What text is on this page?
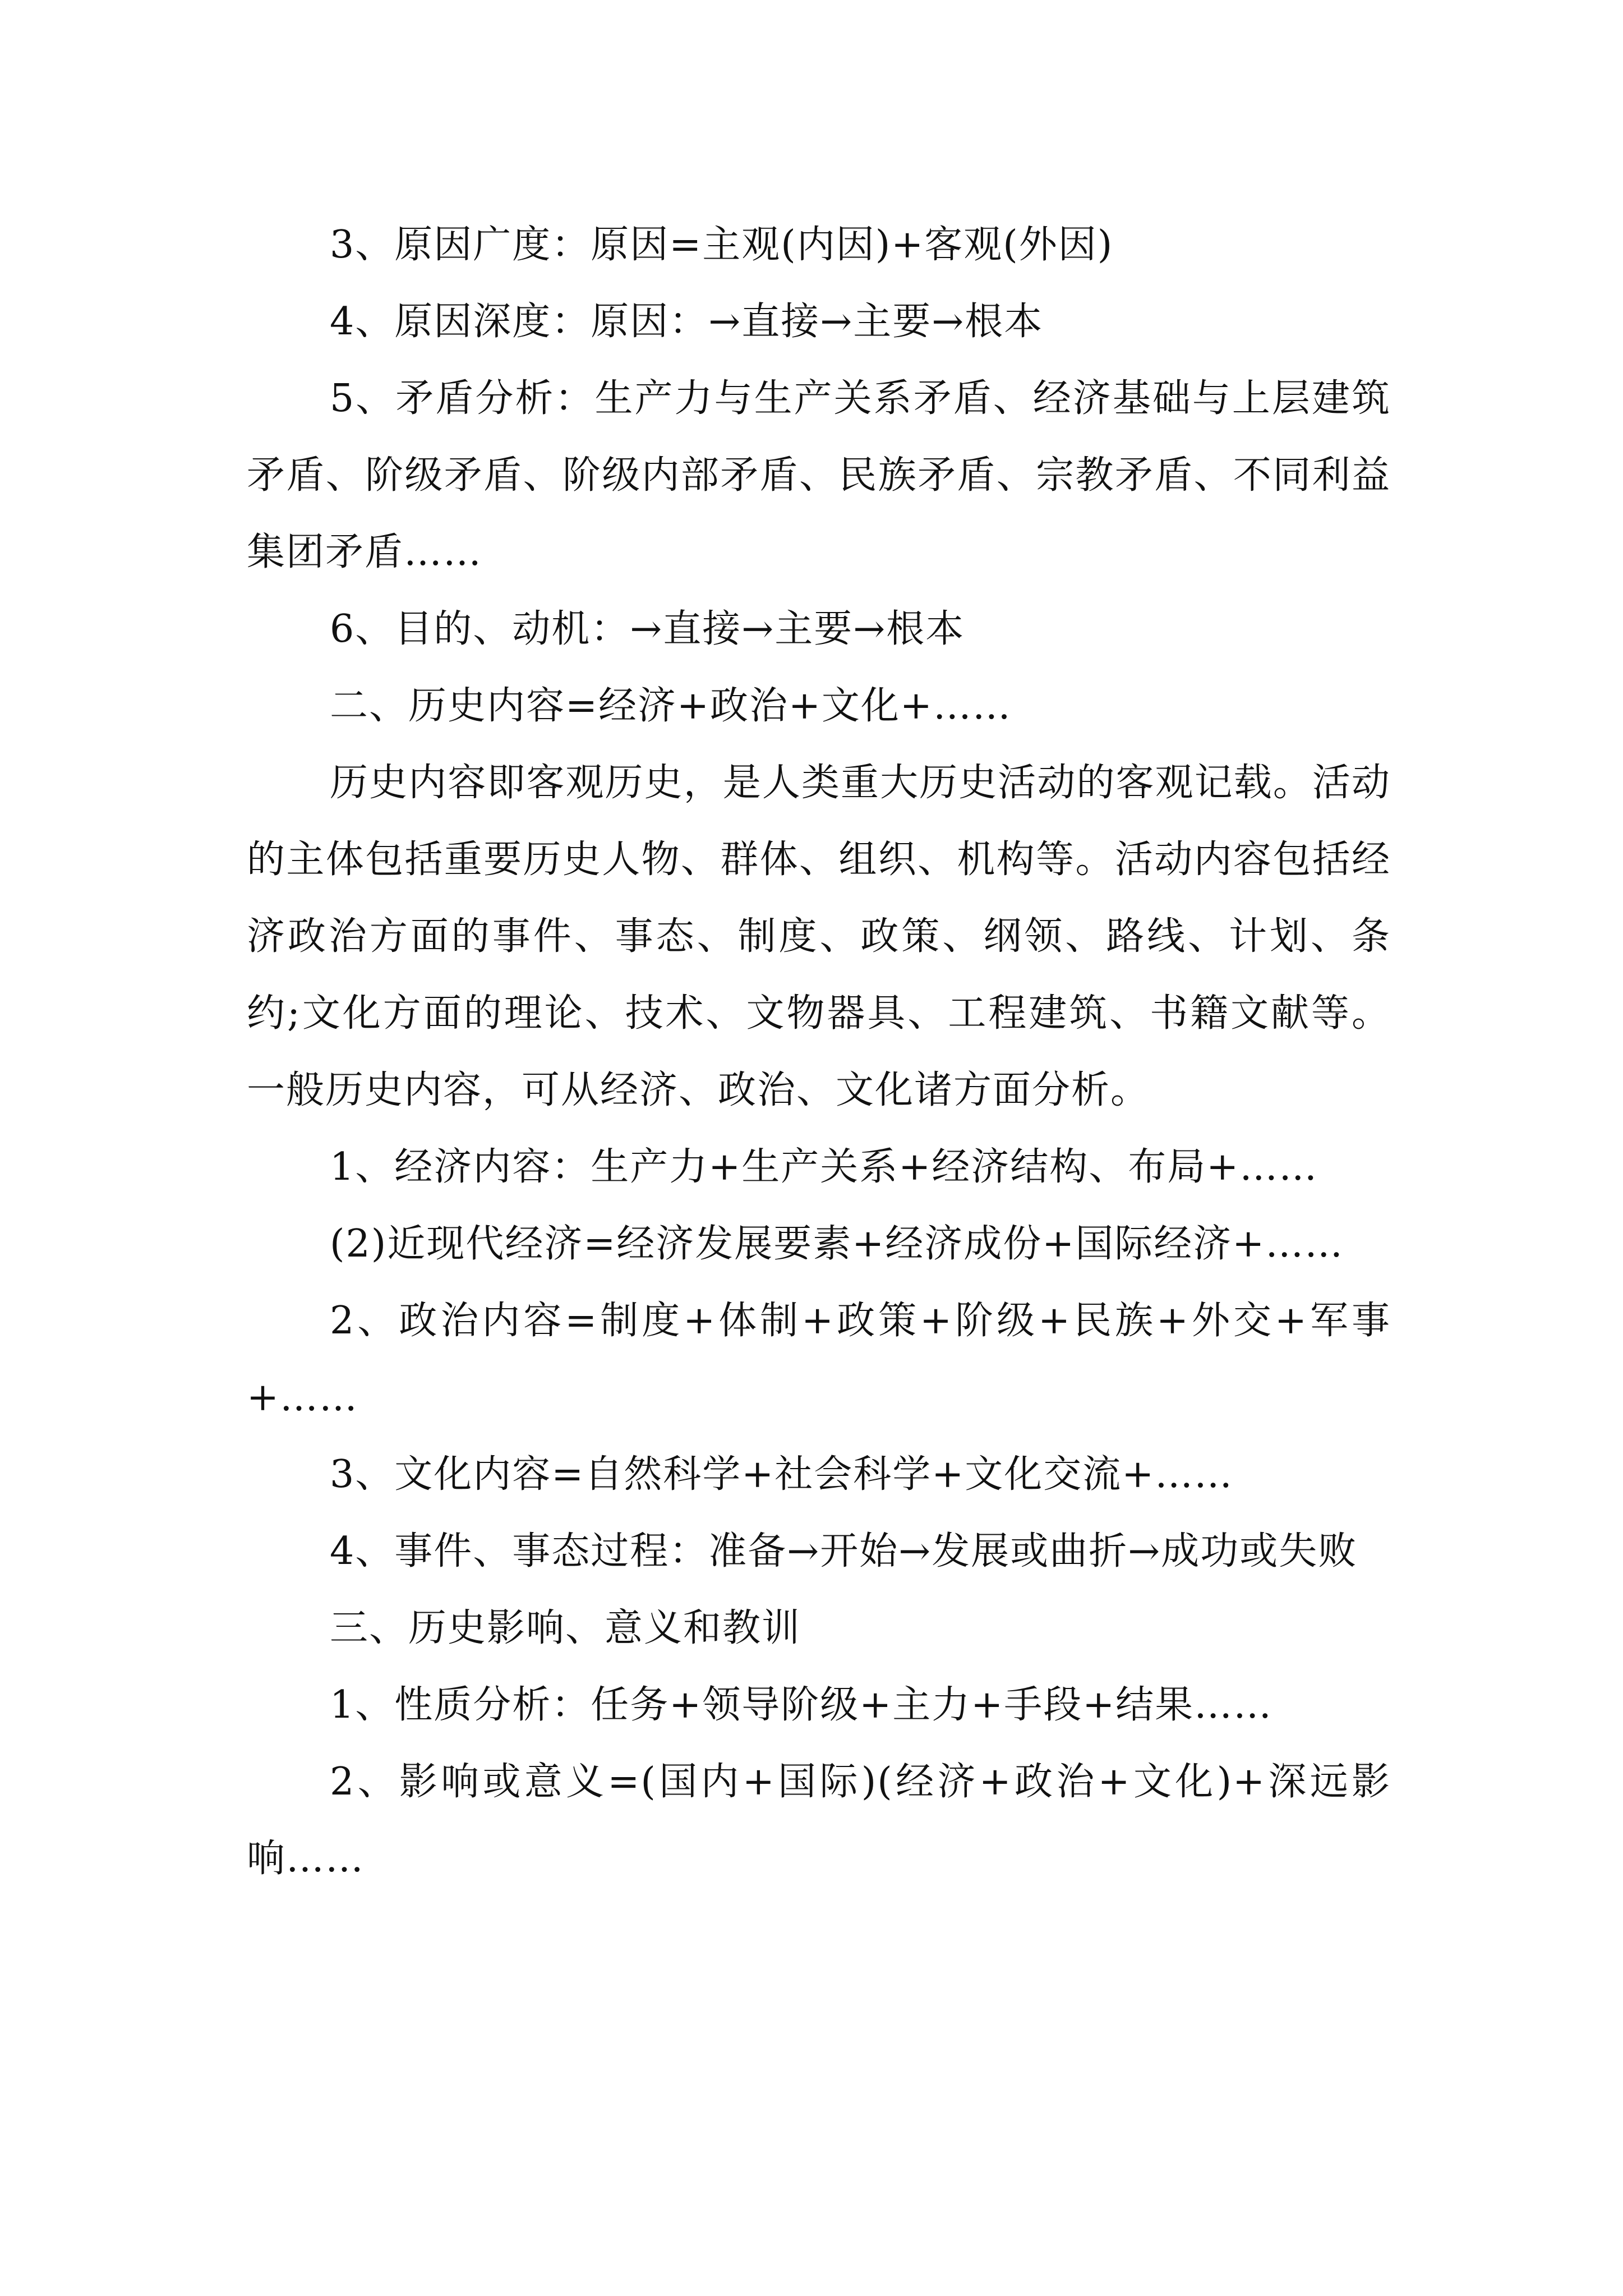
3、原因广度：原因=主观(内因)+客观(外因)

4、原因深度：原因：→直接→主要→根本

5、矛盾分析：生产力与生产关系矛盾、经济基础与上层建筑矛盾、阶级矛盾、阶级内部矛盾、民族矛盾、宗教矛盾、不同利益集团矛盾……

6、目的、动机：→直接→主要→根本

二、历史内容=经济+政治+文化+……

历史内容即客观历史，是人类重大历史活动的客观记载。活动的主体包括重要历史人物、群体、组织、机构等。活动内容包括经济政治方面的事件、事态、制度、政策、纲领、路线、计划、条约;文化方面的理论、技术、文物器具、工程建筑、书籍文献等。一般历史内容，可从经济、政治、文化诸方面分析。

1、经济内容：生产力+生产关系+经济结构、布局+……

(2)近现代经济=经济发展要素+经济成份+国际经济+……

2、政治内容=制度+体制+政策+阶级+民族+外交+军事+……

3、文化内容=自然科学+社会科学+文化交流+……

4、事件、事态过程：准备→开始→发展或曲折→成功或失败

三、历史影响、意义和教训

1、性质分析：任务+领导阶级+主力+手段+结果……

2、影响或意义=(国内+国际)(经济+政治+文化)+深远影响……
